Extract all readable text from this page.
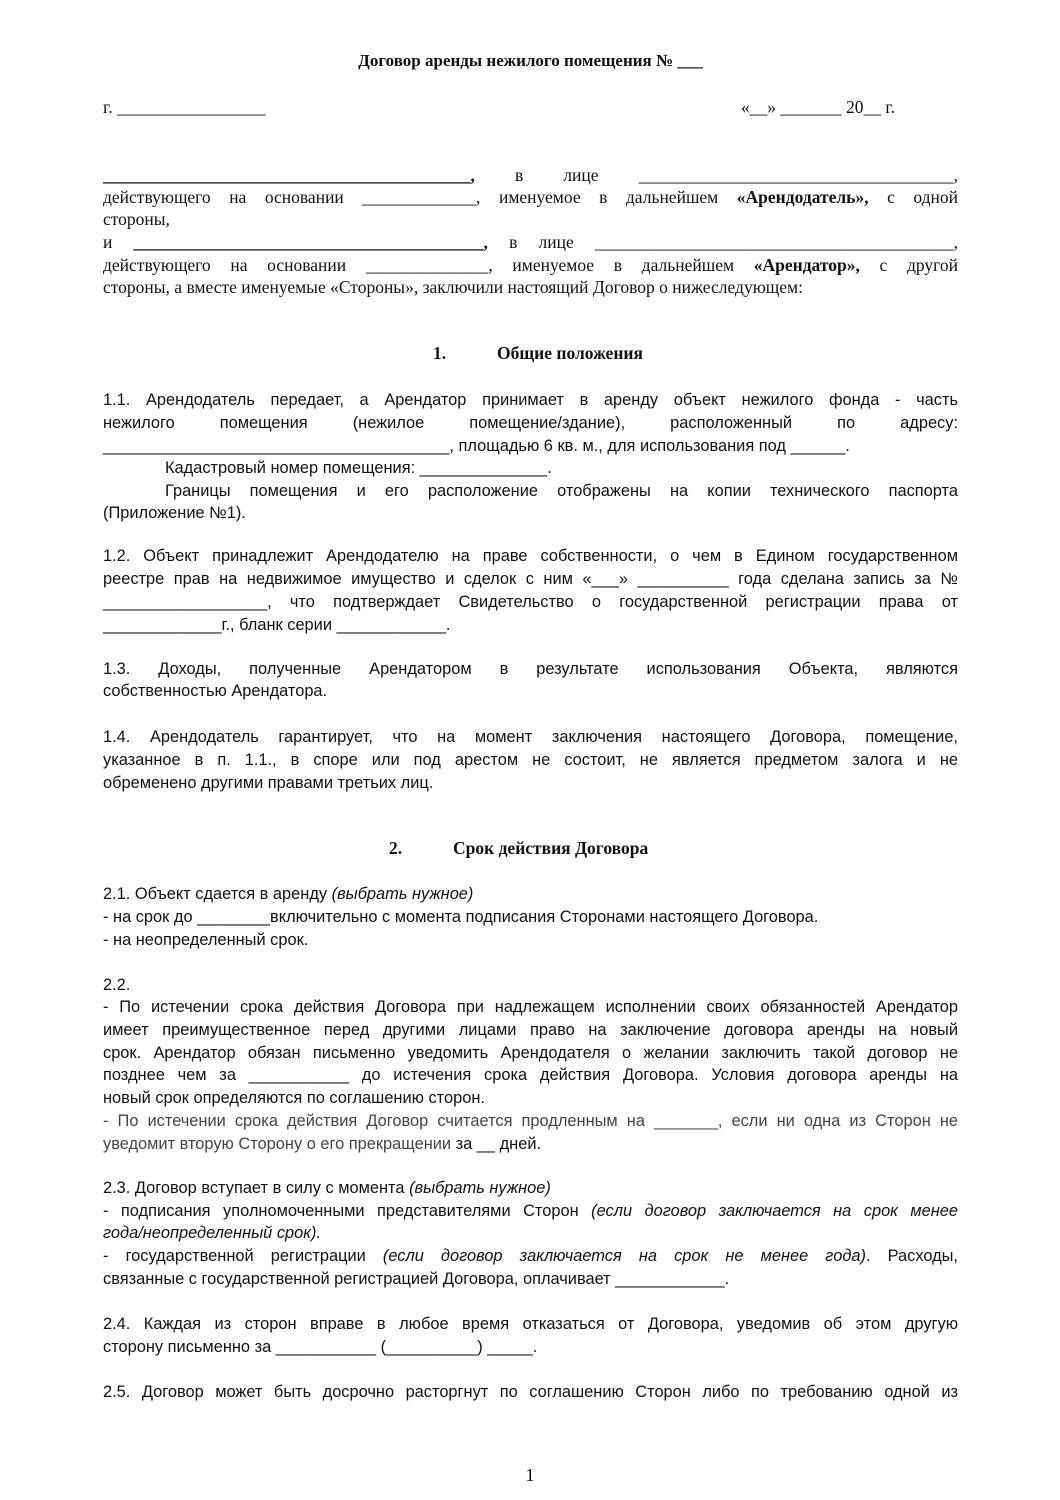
Договор аренды нежилого помещения № ___
г. _________________	«__» _______ 20__ г.
__________________________________________, в лице ____________________________________,
действующего на основании _____________, именуемое в дальнейшем «Арендодатель», с одной
стороны,
и ________________________________________, в лице _________________________________________,
действующего на основании ______________, именуемое в дальнейшем «Арендатор», с другой
стороны, а вместе именуемые «Стороны», заключили настоящий Договор о нижеследующем:
1.	Общие положения
1.1. Арендодатель передает, а Арендатор принимает в аренду объект нежилого фонда - часть
нежилого помещения (нежилое помещение/здание), расположенный по адресу:
______________________________________, площадью 6 кв. м., для использования под ______.
Кадастровый номер помещения: ______________.
Границы помещения и его расположение отображены на копии технического паспорта
(Приложение №1).
1.2. Объект принадлежит Арендодателю на праве собственности, о чем в Едином государственном
реестре прав на недвижимое имущество и сделок с ним «___» __________ года сделана запись за №
__________________, что подтверждает Свидетельство о государственной регистрации права от
_____________г., бланк серии ____________.
1.3. Доходы, полученные Арендатором в результате использования Объекта, являются
собственностью Арендатора.
1.4. Арендодатель гарантирует, что на момент заключения настоящего Договора, помещение,
указанное в п. 1.1., в споре или под арестом не состоит, не является предметом залога и не
обременено другими правами третьих лиц.
2.	Срок действия Договора
2.1. Объект сдается в аренду (выбрать нужное)
- на срок до ________включительно с момента подписания Сторонами настоящего Договора.
- на неопределенный срок.
2.2.
- По истечении срока действия Договора при надлежащем исполнении своих обязанностей Арендатор
имеет преимущественное перед другими лицами право на заключение договора аренды на новый
срок. Арендатор обязан письменно уведомить Арендодателя о желании заключить такой договор не
позднее чем за ___________ до истечения срока действия Договора. Условия договора аренды на
новый срок определяются по соглашению сторон.
- По истечении срока действия Договор считается продленным на _______, если ни одна из Сторон не
уведомит вторую Сторону о его прекращении за __ дней.
2.3. Договор вступает в силу с момента (выбрать нужное)
- подписания уполномоченными представителями Сторон (если договор заключается на срок менее
года/неопределенный срок).
- государственной регистрации (если договор заключается на срок не менее года). Расходы,
связанные с государственной регистрацией Договора, оплачивает ____________.
2.4. Каждая из сторон вправе в любое время отказаться от Договора, уведомив об этом другую
сторону письменно за ___________ (__________) _____.
2.5. Договор может быть досрочно расторгнут по соглашению Сторон либо по требованию одной из
1
